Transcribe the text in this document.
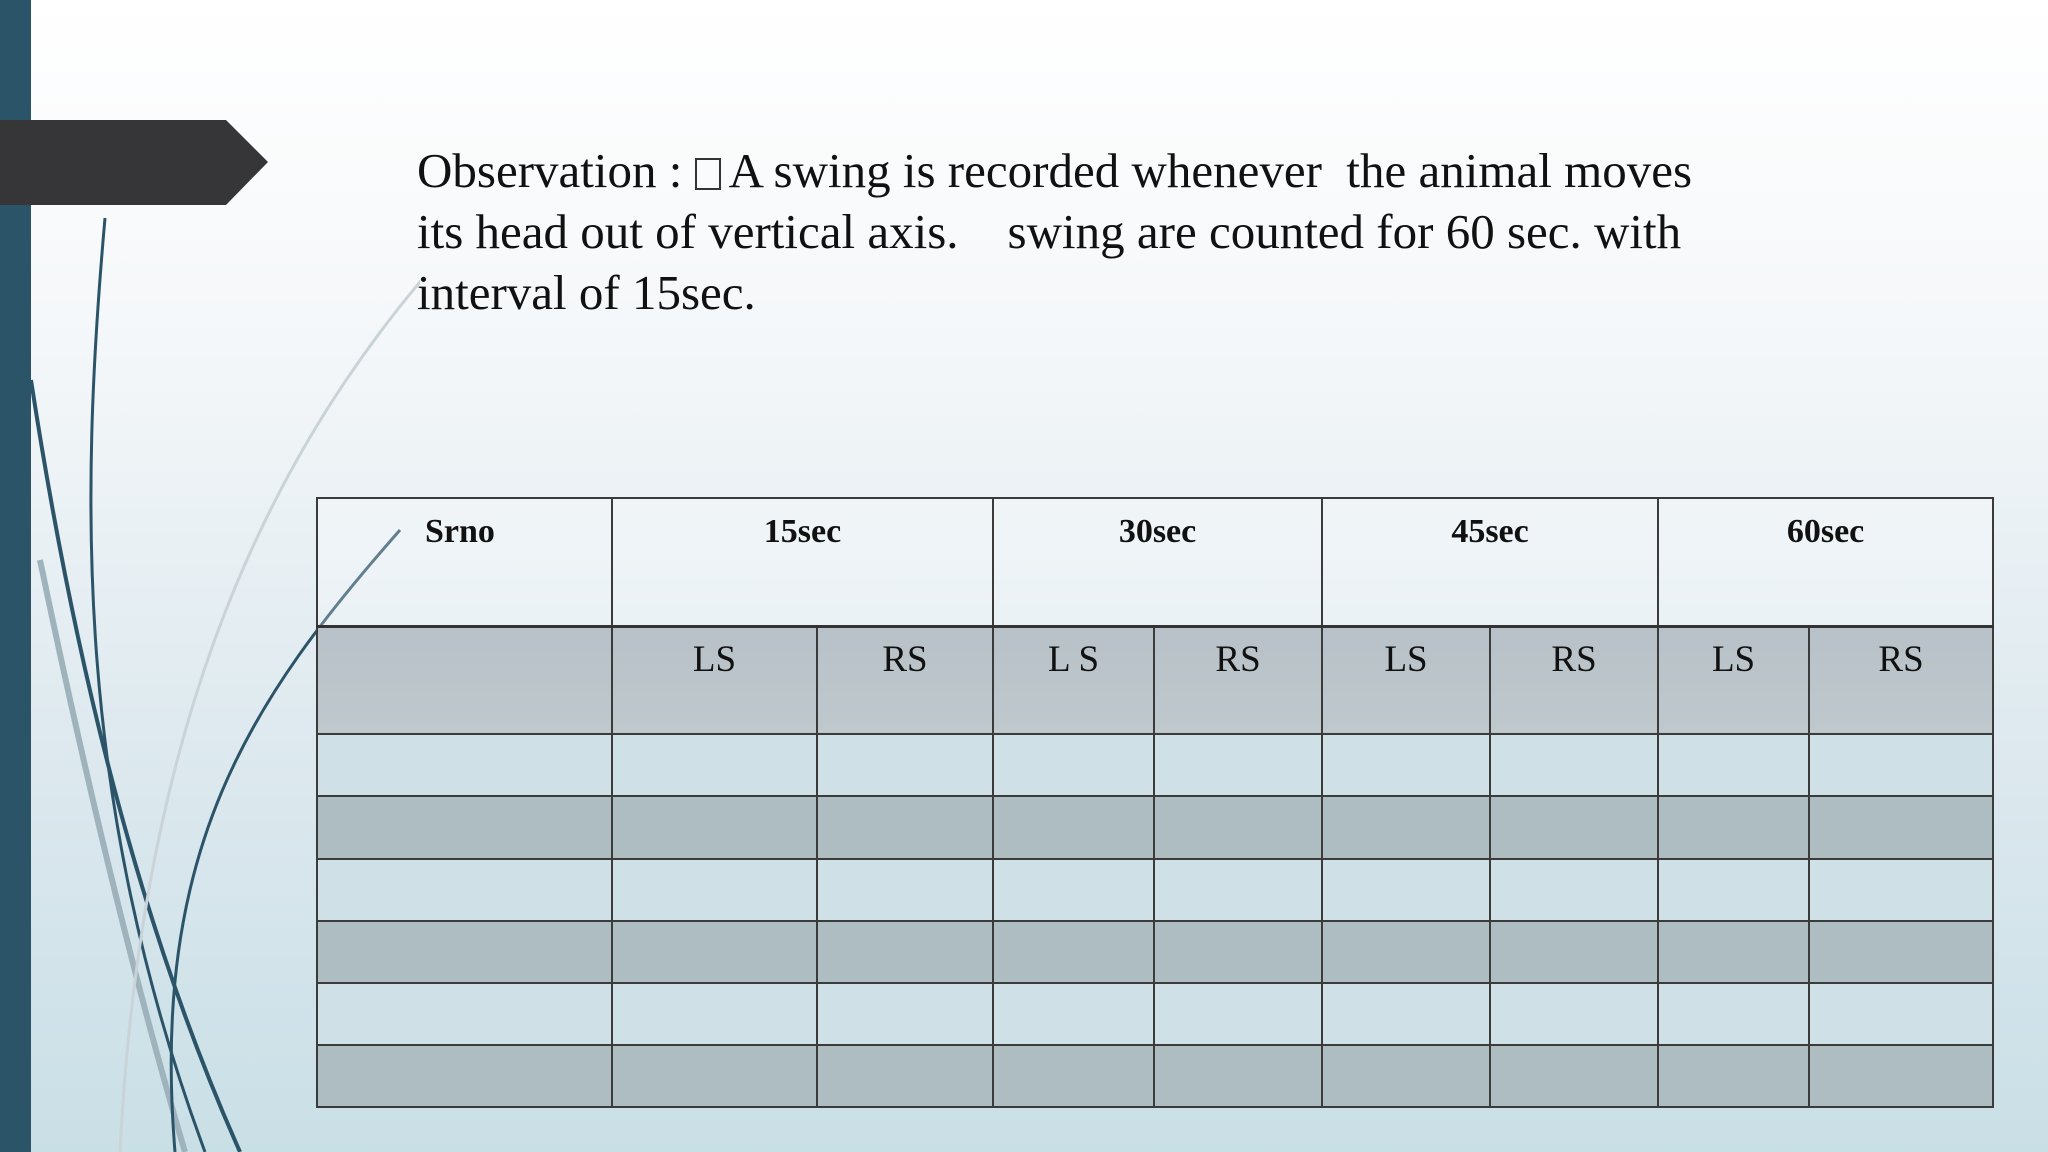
Observation : A swing is recorded whenever  the animal moves
its head out of vertical axis.    swing are counted for 60 sec. with
interval of 15sec.
Srno	15sec		30sec		45sec		60sec	
	LS	RS	L S	RS	LS	RS	LS	RS
